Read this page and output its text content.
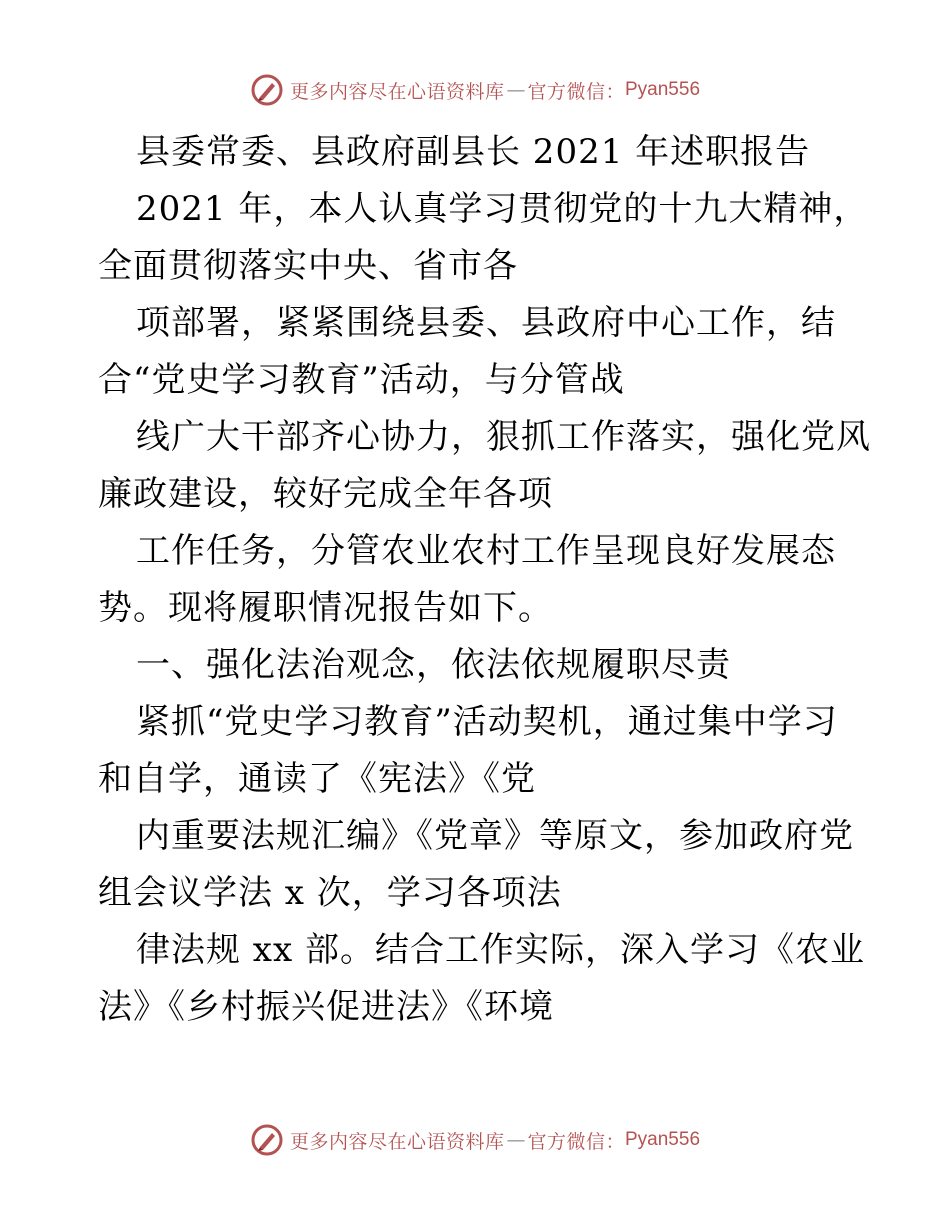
更多内容尽在心语资料库 — 官方微信： Pyan556

县委常委、县政府副县长 2021 年述职报告

2021 年，本人认真学习贯彻党的十九大精神，

全面贯彻落实中央、省市各

项部署，紧紧围绕县委、县政府中心工作，结

合“党史学习教育”活动，与分管战

线广大干部齐心协力，狠抓工作落实，强化党风

廉政建设，较好完成全年各项

工作任务，分管农业农村工作呈现良好发展态

势。现将履职情况报告如下。

一、强化法治观念，依法依规履职尽责

紧抓“党史学习教育”活动契机，通过集中学习

和自学，通读了《宪法》《党

内重要法规汇编》《党章》等原文，参加政府党

组会议学法 x 次，学习各项法

律法规 xx 部。结合工作实际，深入学习《农业

法》《乡村振兴促进法》《环境

更多内容尽在心语资料库 — 官方微信： Pyan556
